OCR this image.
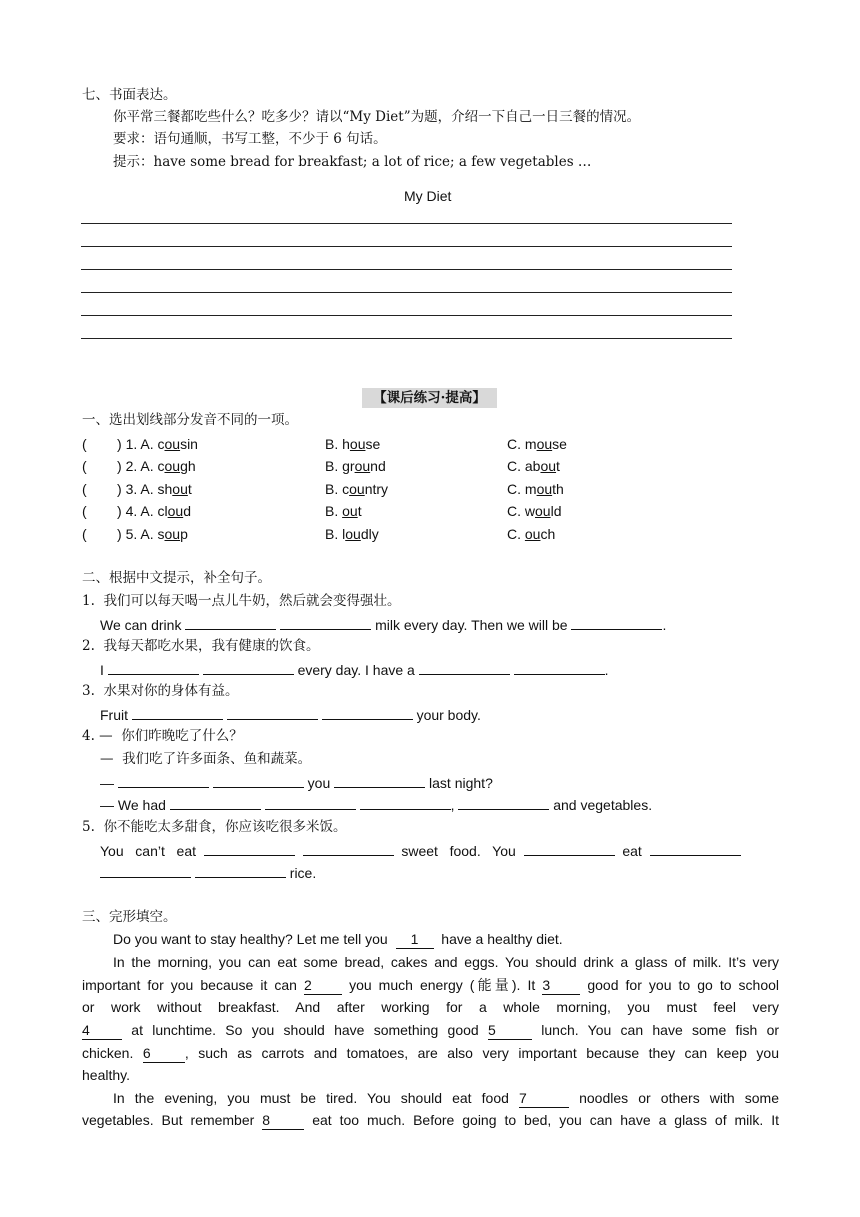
七、书面表达。
你平常三餐都吃些什么？吃多少？请以“My Diet”为题，介绍一下自己一日三餐的情况。
要求：语句通顺，书写工整，不少于 6 句话。
提示：have some bread for breakfast; a lot of rice; a few vegetables …
My Diet
【课后练习·提高】
一、选出划线部分发音不同的一项。
( ) 1. A. cousin	B. house	C. mouse
( ) 2. A. cough	B. ground	C. about
( ) 3. A. shout	B. country	C. mouth
( ) 4. A. cloud	B. out	C. would
( ) 5. A. soup	B. loudly	C. ouch
二、根据中文提示，补全句子。
1.  我们可以每天喝一点儿牛奶，然后就会变得强壮。
We can drink	milk every day. Then we will be	.
2.  我每天都吃水果，我有健康的饮食。
I	every day. I have a	.
3.  水果对你的身体有益。
Fruit	your body.
4. —  你们昨晚吃了什么？
—  我们吃了许多面条、鱼和蔬菜。
—	you	last night?
— We had	,	and vegetables.
5.  你不能吃太多甜食，你应该吃很多米饭。
You   can’t   eat	sweet   food.   You	eat
rice.
三、完形填空。
Do you want to stay healthy? Let me tell you 1 have a healthy diet.
In the morning, you can eat some bread, cakes and eggs. You should drink a glass of milk. It’s very
important for you because it can 2	you much energy (能量). It 3	good for you to go to school
or work without breakfast. And after working for a whole morning, you must feel very
4	at lunchtime. So you should have something good 5	lunch. You can have some fish or
chicken. 6 , such as carrots and tomatoes, are also very important because they can keep you
healthy.
In the evening, you must be tired. You should eat food 7	noodles or others with some
vegetables. But remember 8	eat too much. Before going to bed, you can have a glass of milk. It
